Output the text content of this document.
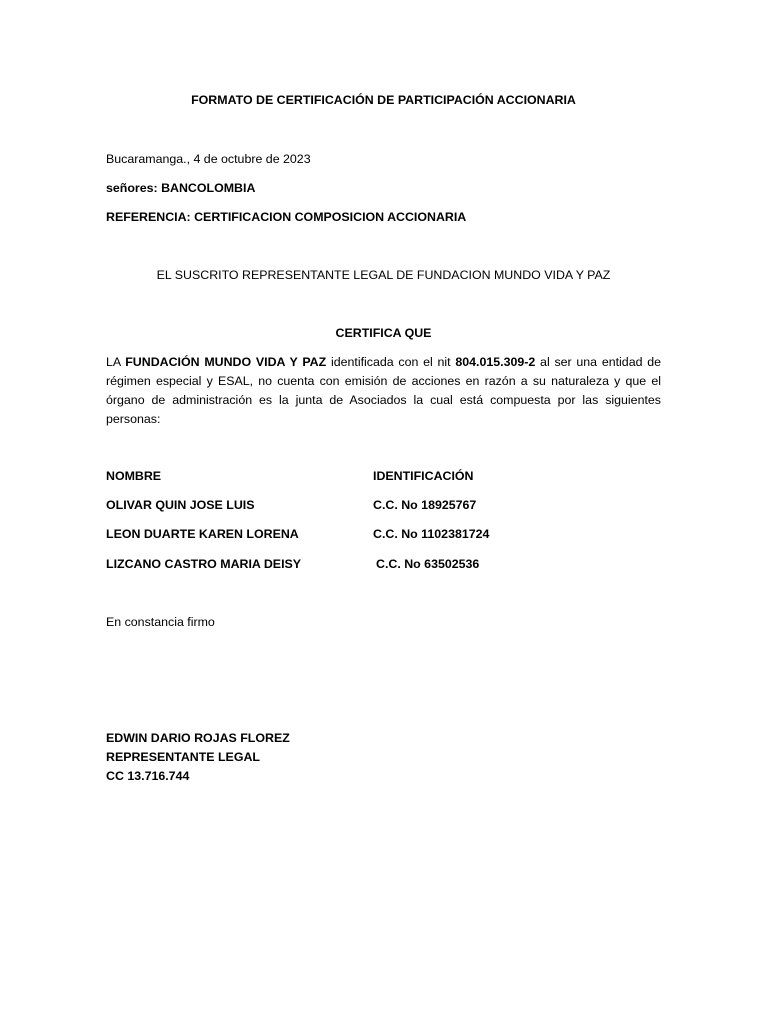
FORMATO DE CERTIFICACIÓN DE PARTICIPACIÓN ACCIONARIA
Bucaramanga., 4 de octubre de 2023
señores: BANCOLOMBIA
REFERENCIA: CERTIFICACION COMPOSICION ACCIONARIA
EL SUSCRITO REPRESENTANTE LEGAL DE FUNDACION MUNDO VIDA Y PAZ
CERTIFICA QUE
LA FUNDACIÓN MUNDO VIDA Y PAZ identificada con el nit 804.015.309-2 al ser una entidad de régimen especial y ESAL, no cuenta con emisión de acciones en razón a su naturaleza y que el órgano de administración es la junta de Asociados la cual está compuesta por las siguientes personas:
NOMBRE	IDENTIFICACIÓN
OLIVAR QUIN JOSE LUIS	C.C. No 18925767
LEON DUARTE KAREN LORENA	C.C. No 1102381724
LIZCANO CASTRO MARIA DEISY	C.C. No 63502536
En constancia firmo
EDWIN DARIO ROJAS FLOREZ
REPRESENTANTE LEGAL
CC 13.716.744
